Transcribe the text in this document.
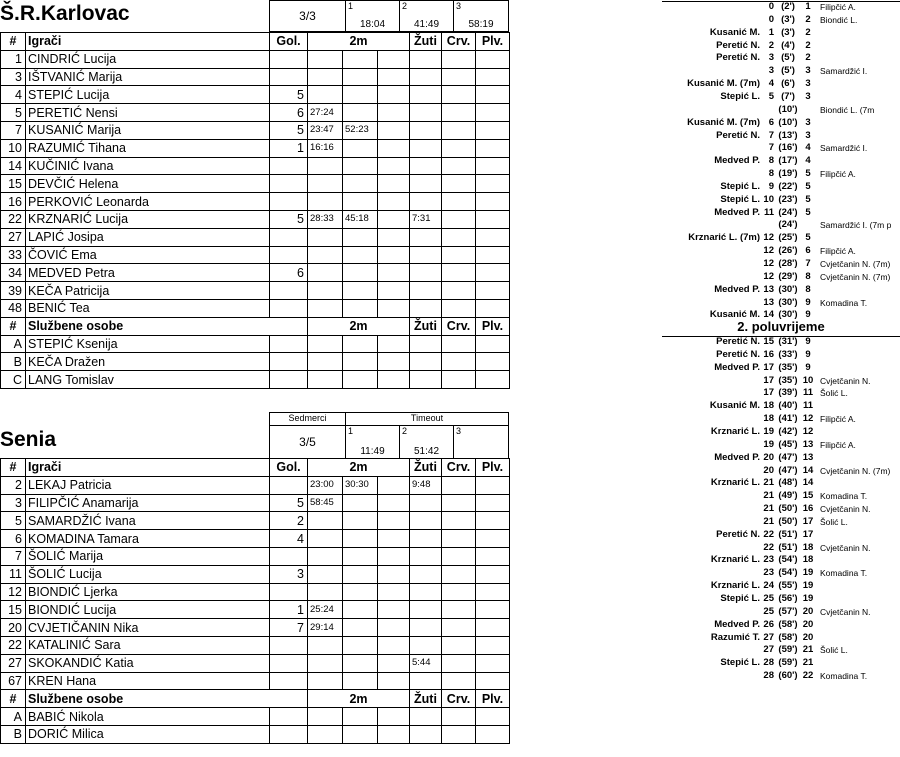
Š.R.Karlovac	3/3
1
18:04
2
41:49
3
58:19
#	Igrači	Gol.	2m			Žuti	Crv.	Plv.
1	CINDRIĆ Lucija							
3	IŠTVANIĆ Marija							
4	STEPIĆ Lucija	5						
5	PERETIĆ Nensi	6	27:24					
7	KUSANIĆ Marija	5	23:47	52:23				
10	RAZUMIĆ Tihana	1	16:16					
14	KUČINIĆ Ivana							
15	DEVČIĆ Helena							
16	PERKOVIĆ Leonarda							
22	KRZNARIĆ Lucija	5	28:33	45:18		7:31		
27	LAPIĆ Josipa							
33	ČOVIĆ Ema							
34	MEDVED Petra	6						
39	KEČA Patricija							
48	BENIĆ Tea							
#	Službene osobe		2m			Žuti	Crv.	Plv.
A	STEPIĆ Ksenija							
B	KEČA Dražen							
C	LANG Tomislav							
Sedmerci	Timeout
Senia	3/5
1
11:49
2
51:42
3
#	Igrači	Gol.	2m			Žuti	Crv.	Plv.
2	LEKAJ Patricia		23:00	30:30		9:48		
3	FILIPČIĆ Anamarija	5	58:45					
5	SAMARDŽIĆ Ivana	2						
6	KOMADINA Tamara	4						
7	ŠOLIĆ Marija							
11	ŠOLIĆ Lucija	3						
12	BIONDIĆ Ljerka							
15	BIONDIĆ Lucija	1	25:24					
20	CVJETIČANIN Nika	7	29:14					
22	KATALINIĆ Sara							
27	SKOKANDIĆ Katia					5:44		
67	KREN Hana							
#	Službene osobe		2m			Žuti	Crv.	Plv.
A	BABIĆ Nikola							
B	DORIĆ Milica							
0 (2')	1	Filipčić A.
0 (3')	2	Biondić L.
Kusanić M. 1 (3')	2
Peretić N. 2 (4')	2
Peretić N. 3 (5')	2
3 (5')	3	Samardžić I.
Kusanić M. (7m) 4 (6')	3
Stepić L. 5 (7')	3
(10')	Biondić L. (7m
Kusanić M. (7m) 6 (10') 3
Peretić N. 7 (13') 3
7 (16') 4	Samardžić I.
Medved P. 8 (17') 4
8 (19') 5	Filipčić A.
Stepić L. 9 (22') 5
Stepić L. 10 (23') 5
Medved P. 11 (24') 5
(24')	Samardžić I. (7m p
Krznarić L. (7m) 12 (25') 5
12 (26') 6	Filipčić A.
12 (28') 7	Cvjetčanin N. (7m)
12 (29') 8	Cvjetčanin N. (7m)
Medved P. 13 (30') 8
13 (30') 9	Komadina T.
Kusanić M. 14 (30') 9
2. poluvrijeme
Peretić N. 15 (31') 9
Peretić N. 16 (33') 9
Medved P. 17 (35') 9
17 (35') 10 Cvjetčanin N.
17 (39') 11 Šolić L.
Kusanić M. 18 (40') 11
18 (41') 12 Filipčić A.
Krznarić L. 19 (42') 12
19 (45') 13 Filipčić A.
Medved P. 20 (47') 13
20 (47') 14 Cvjetčanin N. (7m)
Krznarić L. 21 (48') 14
21 (49') 15 Komadina T.
21 (50') 16 Cvjetčanin N.
21 (50') 17 Šolić L.
Peretić N. 22 (51') 17
22 (51') 18 Cvjetčanin N.
Krznarić L. 23 (54') 18
23 (54') 19 Komadina T.
Krznarić L. 24 (55') 19
Stepić L. 25 (56') 19
25 (57') 20 Cvjetčanin N.
Medved P. 26 (58') 20
Razumić T. 27 (58') 20
27 (59') 21 Šolić L.
Stepić L. 28 (59') 21
28 (60') 22 Komadina T.
